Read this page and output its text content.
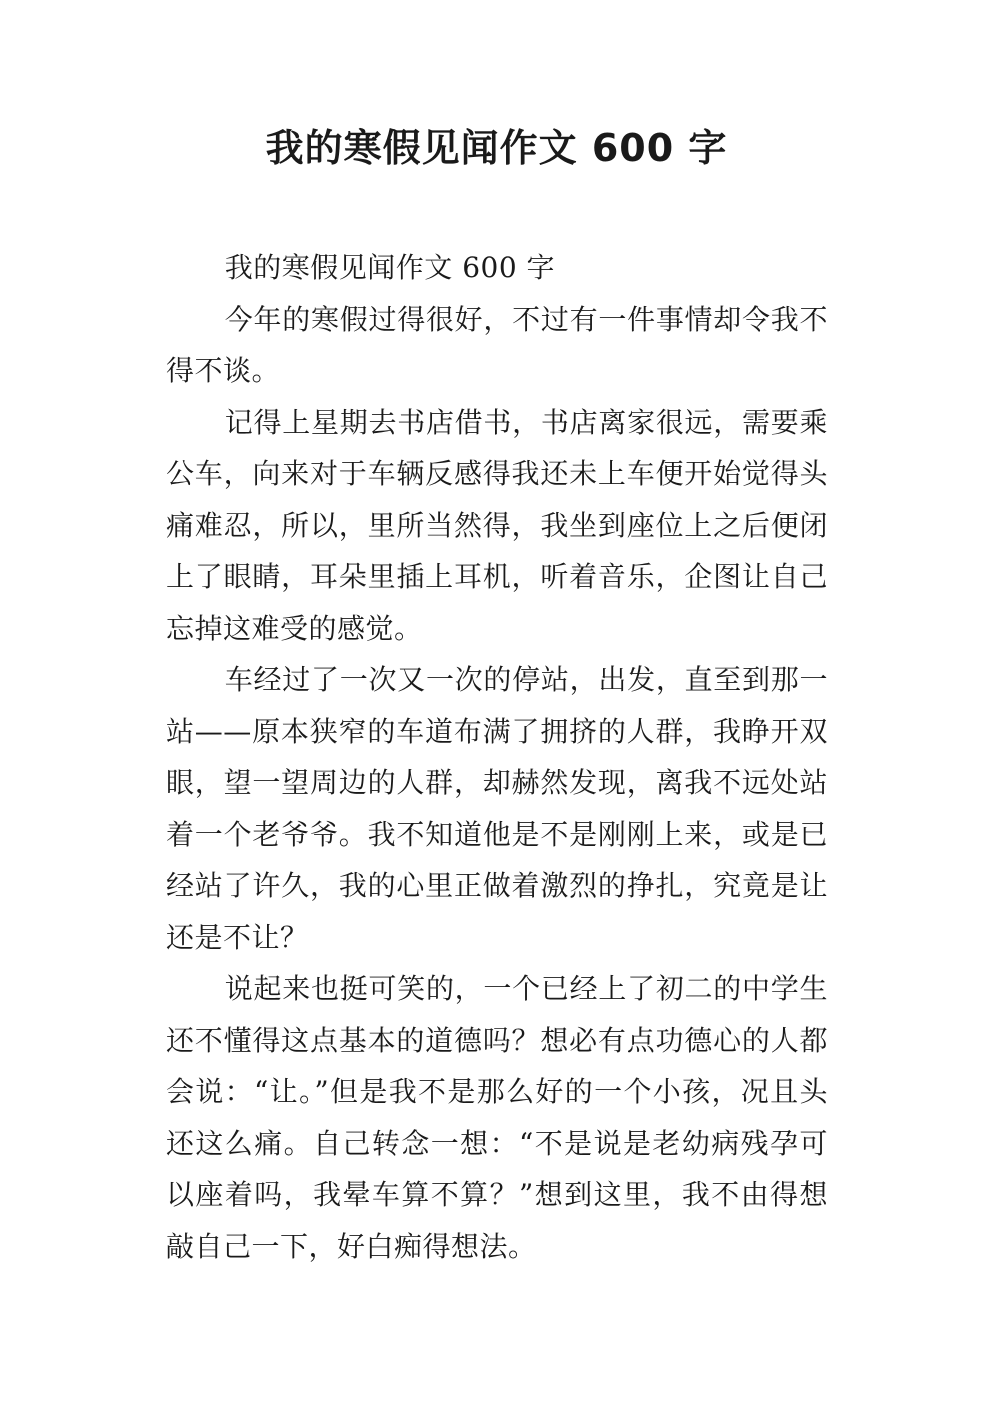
我的寒假见闻作文 600 字

我的寒假见闻作文 600 字

今年的寒假过得很好，不过有一件事情却令我不得不谈。

记得上星期去书店借书，书店离家很远，需要乘公车，向来对于车辆反感得我还未上车便开始觉得头痛难忍，所以，里所当然得，我坐到座位上之后便闭上了眼睛，耳朵里插上耳机，听着音乐，企图让自己忘掉这难受的感觉。

车经过了一次又一次的停站，出发，直至到那一站——原本狭窄的车道布满了拥挤的人群，我睁开双眼，望一望周边的人群，却赫然发现，离我不远处站着一个老爷爷。我不知道他是不是刚刚上来，或是已经站了许久，我的心里正做着激烈的挣扎，究竟是让还是不让？

说起来也挺可笑的，一个已经上了初二的中学生还不懂得这点基本的道德吗？想必有点功德心的人都会说：“让。”但是我不是那么好的一个小孩，况且头还这么痛。自己转念一想：“不是说是老幼病残孕可以座着吗，我晕车算不算？”想到这里，我不由得想敲自己一下，好白痴得想法。
